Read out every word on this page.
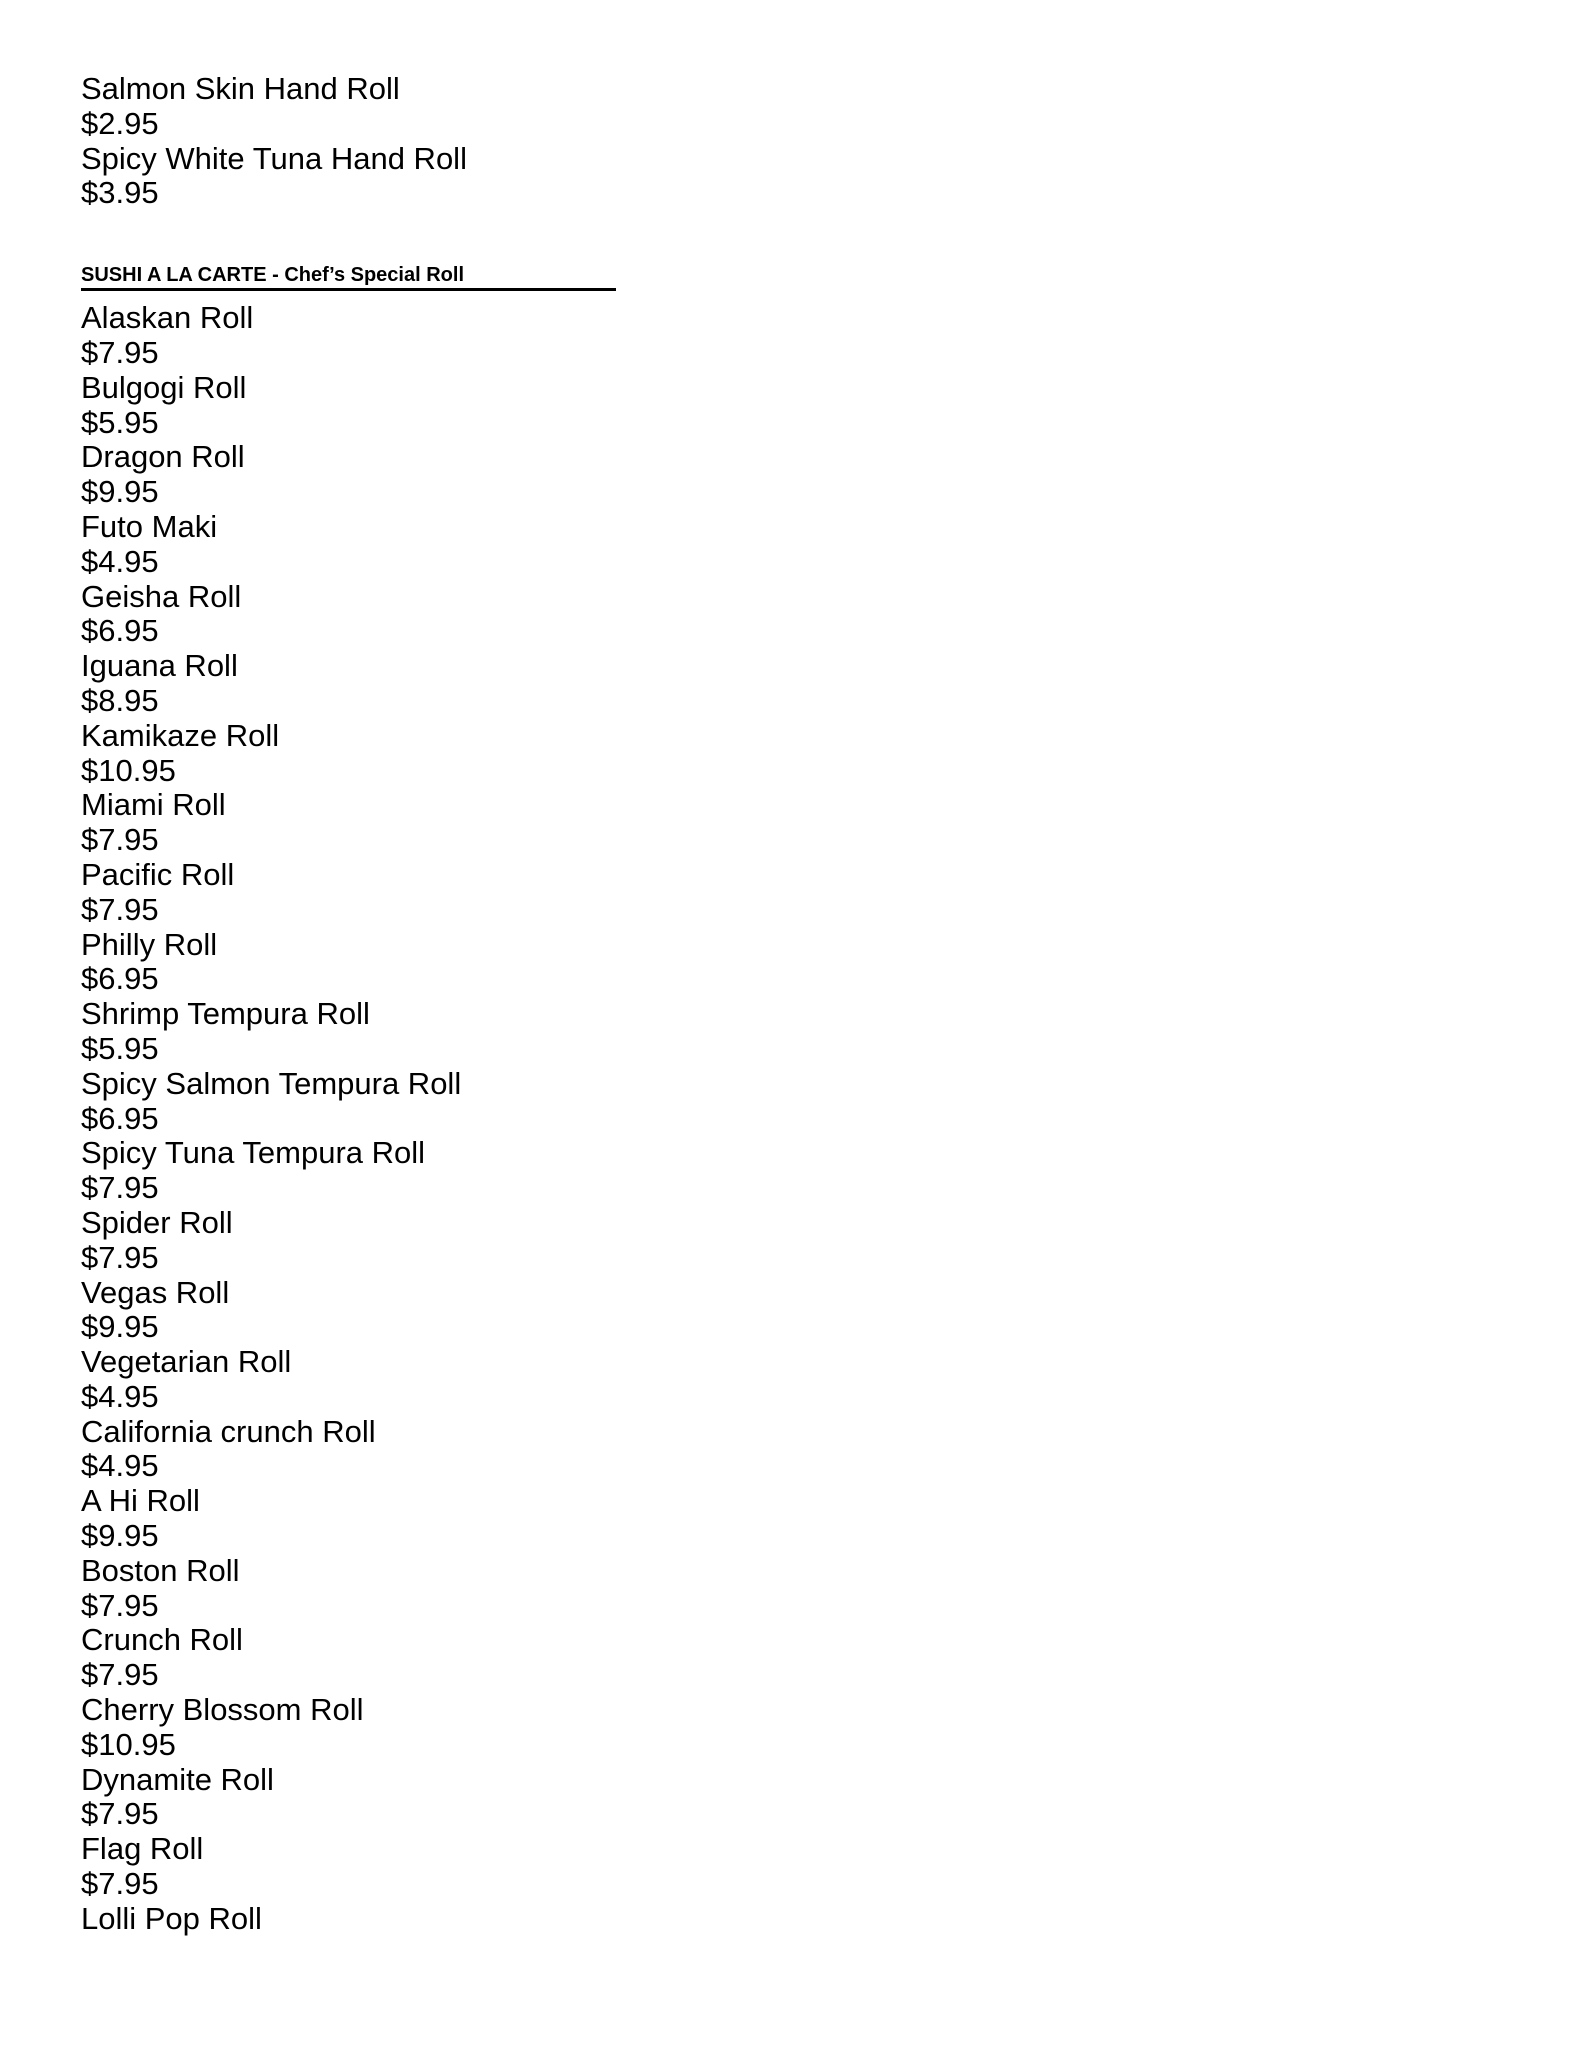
Salmon Skin Hand Roll
$2.95
Spicy White Tuna Hand Roll
$3.95
SUSHI A LA CARTE - Chef’s Special Roll
Alaskan Roll
$7.95
Bulgogi Roll
$5.95
Dragon Roll
$9.95
Futo Maki
$4.95
Geisha Roll
$6.95
Iguana Roll
$8.95
Kamikaze Roll
$10.95
Miami Roll
$7.95
Pacific Roll
$7.95
Philly Roll
$6.95
Shrimp Tempura Roll
$5.95
Spicy Salmon Tempura Roll
$6.95
Spicy Tuna Tempura Roll
$7.95
Spider Roll
$7.95
Vegas Roll
$9.95
Vegetarian Roll
$4.95
California crunch Roll
$4.95
A Hi Roll
$9.95
Boston Roll
$7.95
Crunch Roll
$7.95
Cherry Blossom Roll
$10.95
Dynamite Roll
$7.95
Flag Roll
$7.95
Lolli Pop Roll
